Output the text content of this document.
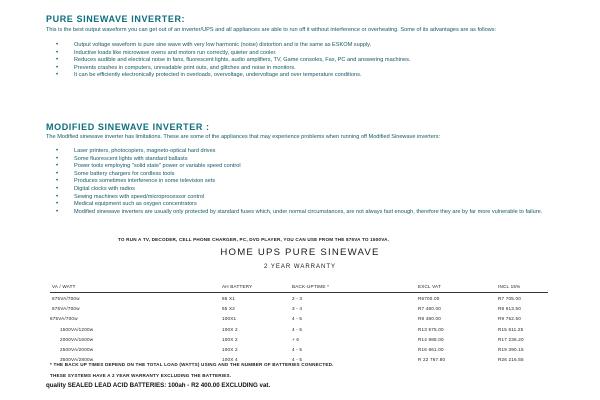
PURE SINEWAVE INVERTER:
This is the best output waveform you can get out of an inverter/UPS and all appliances are able to run off it without interference or overheating. Some of its advantages are as follows:
•	Output voltage waveform is pure sine wave with very low harmonic (noise) distortion and is the same as ESKOM supply.
•	Inductive loads like microwave ovens and motors run correctly, quieter and cooler.
•	Reduces audible and electrical noise in fans, fluorescent lights, audio amplifiers, TV, Game consoles, Fax, PC and answering machines.
•	Prevents crashes in computers, unreadable print outs, and glitches and noise in monitors.
•	It can be efficiently electronically protected in overloads, overvoltage, undervoltage and over temperature conditions.
MODIFIED SINEWAVE INVERTER :
The Modified sinewave inverter has limitations. These are some of the appliances that may experience problems when running off Modified Sinewave inverters:
•	Laser printers, photocopiers, magneto-optical hard drives
•	Some fluorescent lights with standard ballasts
•	Power tools employing "solid state" power or variable speed control
•	Some battery chargers for cordless tools
•	Produces sometimes interference in some television sets
•	Digital clocks with radios
•	Sewing machines with speed/microprocessor control
•	Medical equipment such as oxygen concentrators
•	Modified sinewave inverters are usually only protected by standard fuses which, under normal circumstances, are not always fast enough, therefore they are by far more vulnerable to failure.
TO RUN A TV, DECODER, CELL PHONE CHARGER, PC, DVD PLAYER, YOU CAN USE FROM THE 875VA TO 1500VA.
HOME UPS PURE SINEWAVE
2 YEAR WARRANTY
VA / WATT	AH BATTERY	BACK-UPTIME *	EXCL VAT	INCL 15%
875VA/700w	65 X1	2 - 3	R6700.00	R7 705.00
875VA/700w	65 X2	3 - 4	R7 480.00	R8 613.50
875VA/700w	100X1	4 - 5	R8 480.00	R9 752.50
1500VA/1200w	100X 2	4 - 5	R13 575.00	R15 611.25
2000VA/1600w	100X 2	+ 6	R14 988.00	R17 236.20
2500VA/2000w	100X 2	4 - 5	R16 861.00	R19 390.15
3500VA/2800w	100X 4	4 - 5	R 22 767.80	R26 216.55
* THE BACK UP TIMES DEPEND ON THE TOTAL LOAD (WATTS) USING AND THE NUMBER OF BATTERIES CONNECTED.
THESE SYSTEMS HAVE A 2 YEAR WARRANTY EXCLUDING THE BATTERIES.
quality SEALED LEAD ACID BATTERIES: 100ah - R2 400.00 EXCLUDING vat.
